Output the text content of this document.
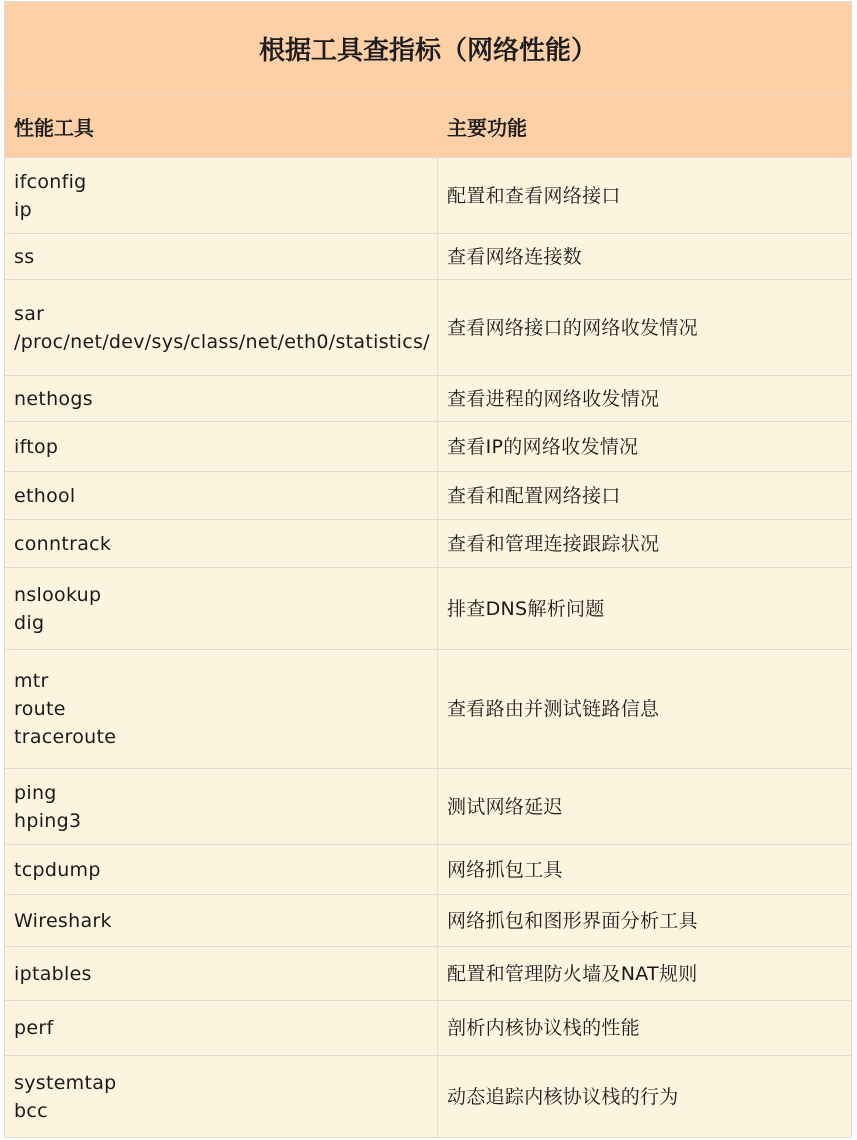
根据工具查指标（网络性能）	
性能工具	主要功能

ifconfig
ip	配置和查看网络接口

ss	查看网络连接数

sar
/proc/net/dev/sys/class/net/eth0/statistics/	查看网络接口的网络收发情况

nethogs	查看进程的网络收发情况

iftop	查看IP的网络收发情况

ethool	查看和配置网络接口

conntrack	查看和管理连接跟踪状况

nslookup
dig	排查DNS解析问题

mtr
route
traceroute	查看路由并测试链路信息

ping
hping3	测试网络延迟

tcpdump	网络抓包工具

Wireshark	网络抓包和图形界面分析工具

iptables	配置和管理防火墙及NAT规则

perf	剖析内核协议栈的性能

systemtap
bcc	动态追踪内核协议栈的行为
